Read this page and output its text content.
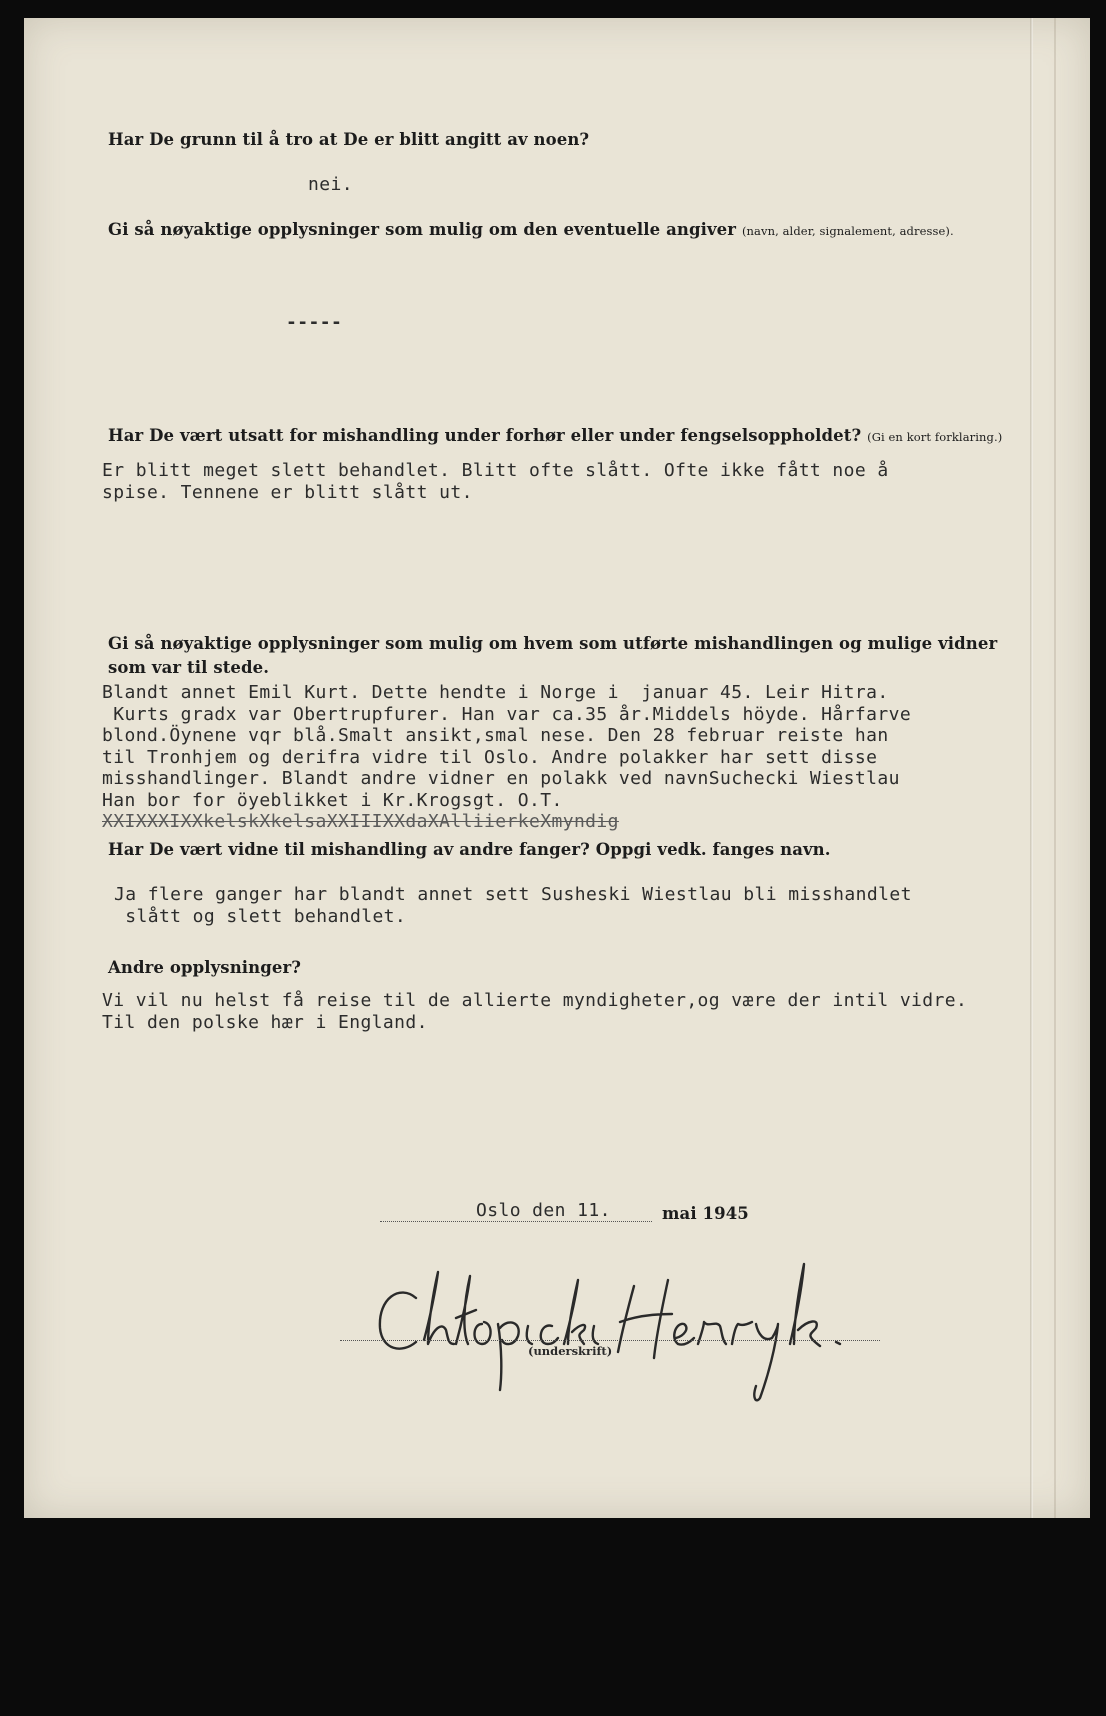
Har De grunn til å tro at De er blitt angitt av noen?
nei.
Gi så nøyaktige opplysninger som mulig om den eventuelle angiver (navn, alder, signalement, adresse).
-----
Har De vært utsatt for mishandling under forhør eller under fengselsoppholdet? (Gi en kort forklaring.)
Er blitt meget slett behandlet. Blitt ofte slått. Ofte ikke fått noe å
spise. Tennene er blitt slått ut.
Gi så nøyaktige opplysninger som mulig om hvem som utførte mishandlingen og mulige vidner
som var til stede.
Blandt annet Emil Kurt. Dette hendte i Norge i  januar 45. Leir Hitra.
Kurts gradx var Obertrupfurer. Han var ca.35 år.Middels höyde. Hårfarve
blond.Öynene vqr blå.Smalt ansikt,smal nese. Den 28 februar reiste han
til Tronhjem og derifra vidre til Oslo. Andre polakker har sett disse
misshandlinger. Blandt andre vidner en polakk ved navnSuchecki Wiestlau
Han bor for öyeblikket i Kr.Krogsgt. O.T.
XXIXXXIXXkelskXkelsaXXIIIXXdaXAlliierkeXmyndig
Har De vært vidne til mishandling av andre fanger? Oppgi vedk. fanges navn.
Ja flere ganger har blandt annet sett Susheski Wiestlau bli misshandlet
slått og slett behandlet.
Andre opplysninger?
Vi vil nu helst få reise til de allierte myndigheter,og være der intil vidre.
Til den polske hær i England.
Oslo den 11.	mai 1945
(underskrift)
